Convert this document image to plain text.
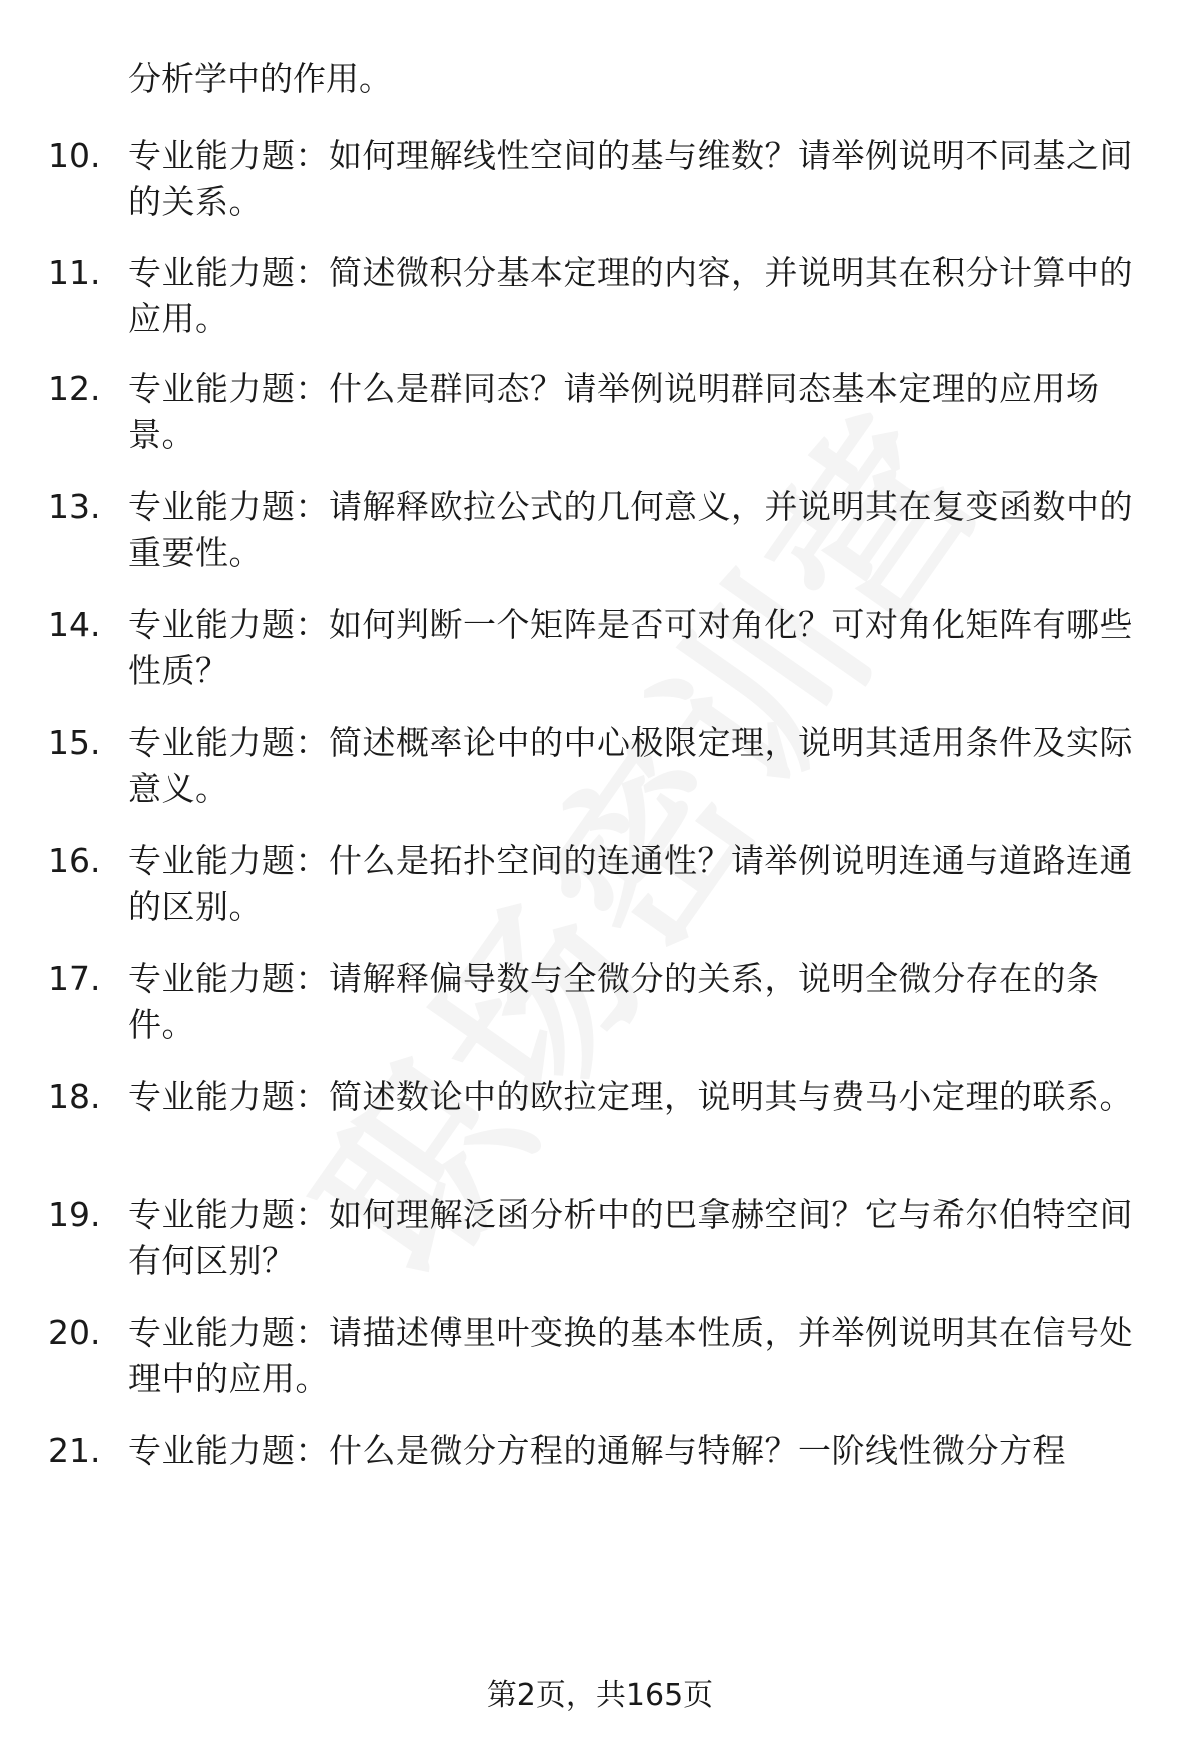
分析学中的作用。
10. 专业能力题：如何理解线性空间的基与维数？请举例说明不同基之间的关系。
11. 专业能力题：简述微积分基本定理的内容，并说明其在积分计算中的应用。
12. 专业能力题：什么是群同态？请举例说明群同态基本定理的应用场景。
13. 专业能力题：请解释欧拉公式的几何意义，并说明其在复变函数中的重要性。
14. 专业能力题：如何判断一个矩阵是否可对角化？可对角化矩阵有哪些性质？
15. 专业能力题：简述概率论中的中心极限定理，说明其适用条件及实际意义。
16. 专业能力题：什么是拓扑空间的连通性？请举例说明连通与道路连通的区别。
17. 专业能力题：请解释偏导数与全微分的关系，说明全微分存在的条件。
18. 专业能力题：简述数论中的欧拉定理，说明其与费马小定理的联系。
19. 专业能力题：如何理解泛函分析中的巴拿赫空间？它与希尔伯特空间有何区别？
20. 专业能力题：请描述傅里叶变换的基本性质，并举例说明其在信号处理中的应用。
21. 专业能力题：什么是微分方程的通解与特解？一阶线性微分方程
第2页，共165页
